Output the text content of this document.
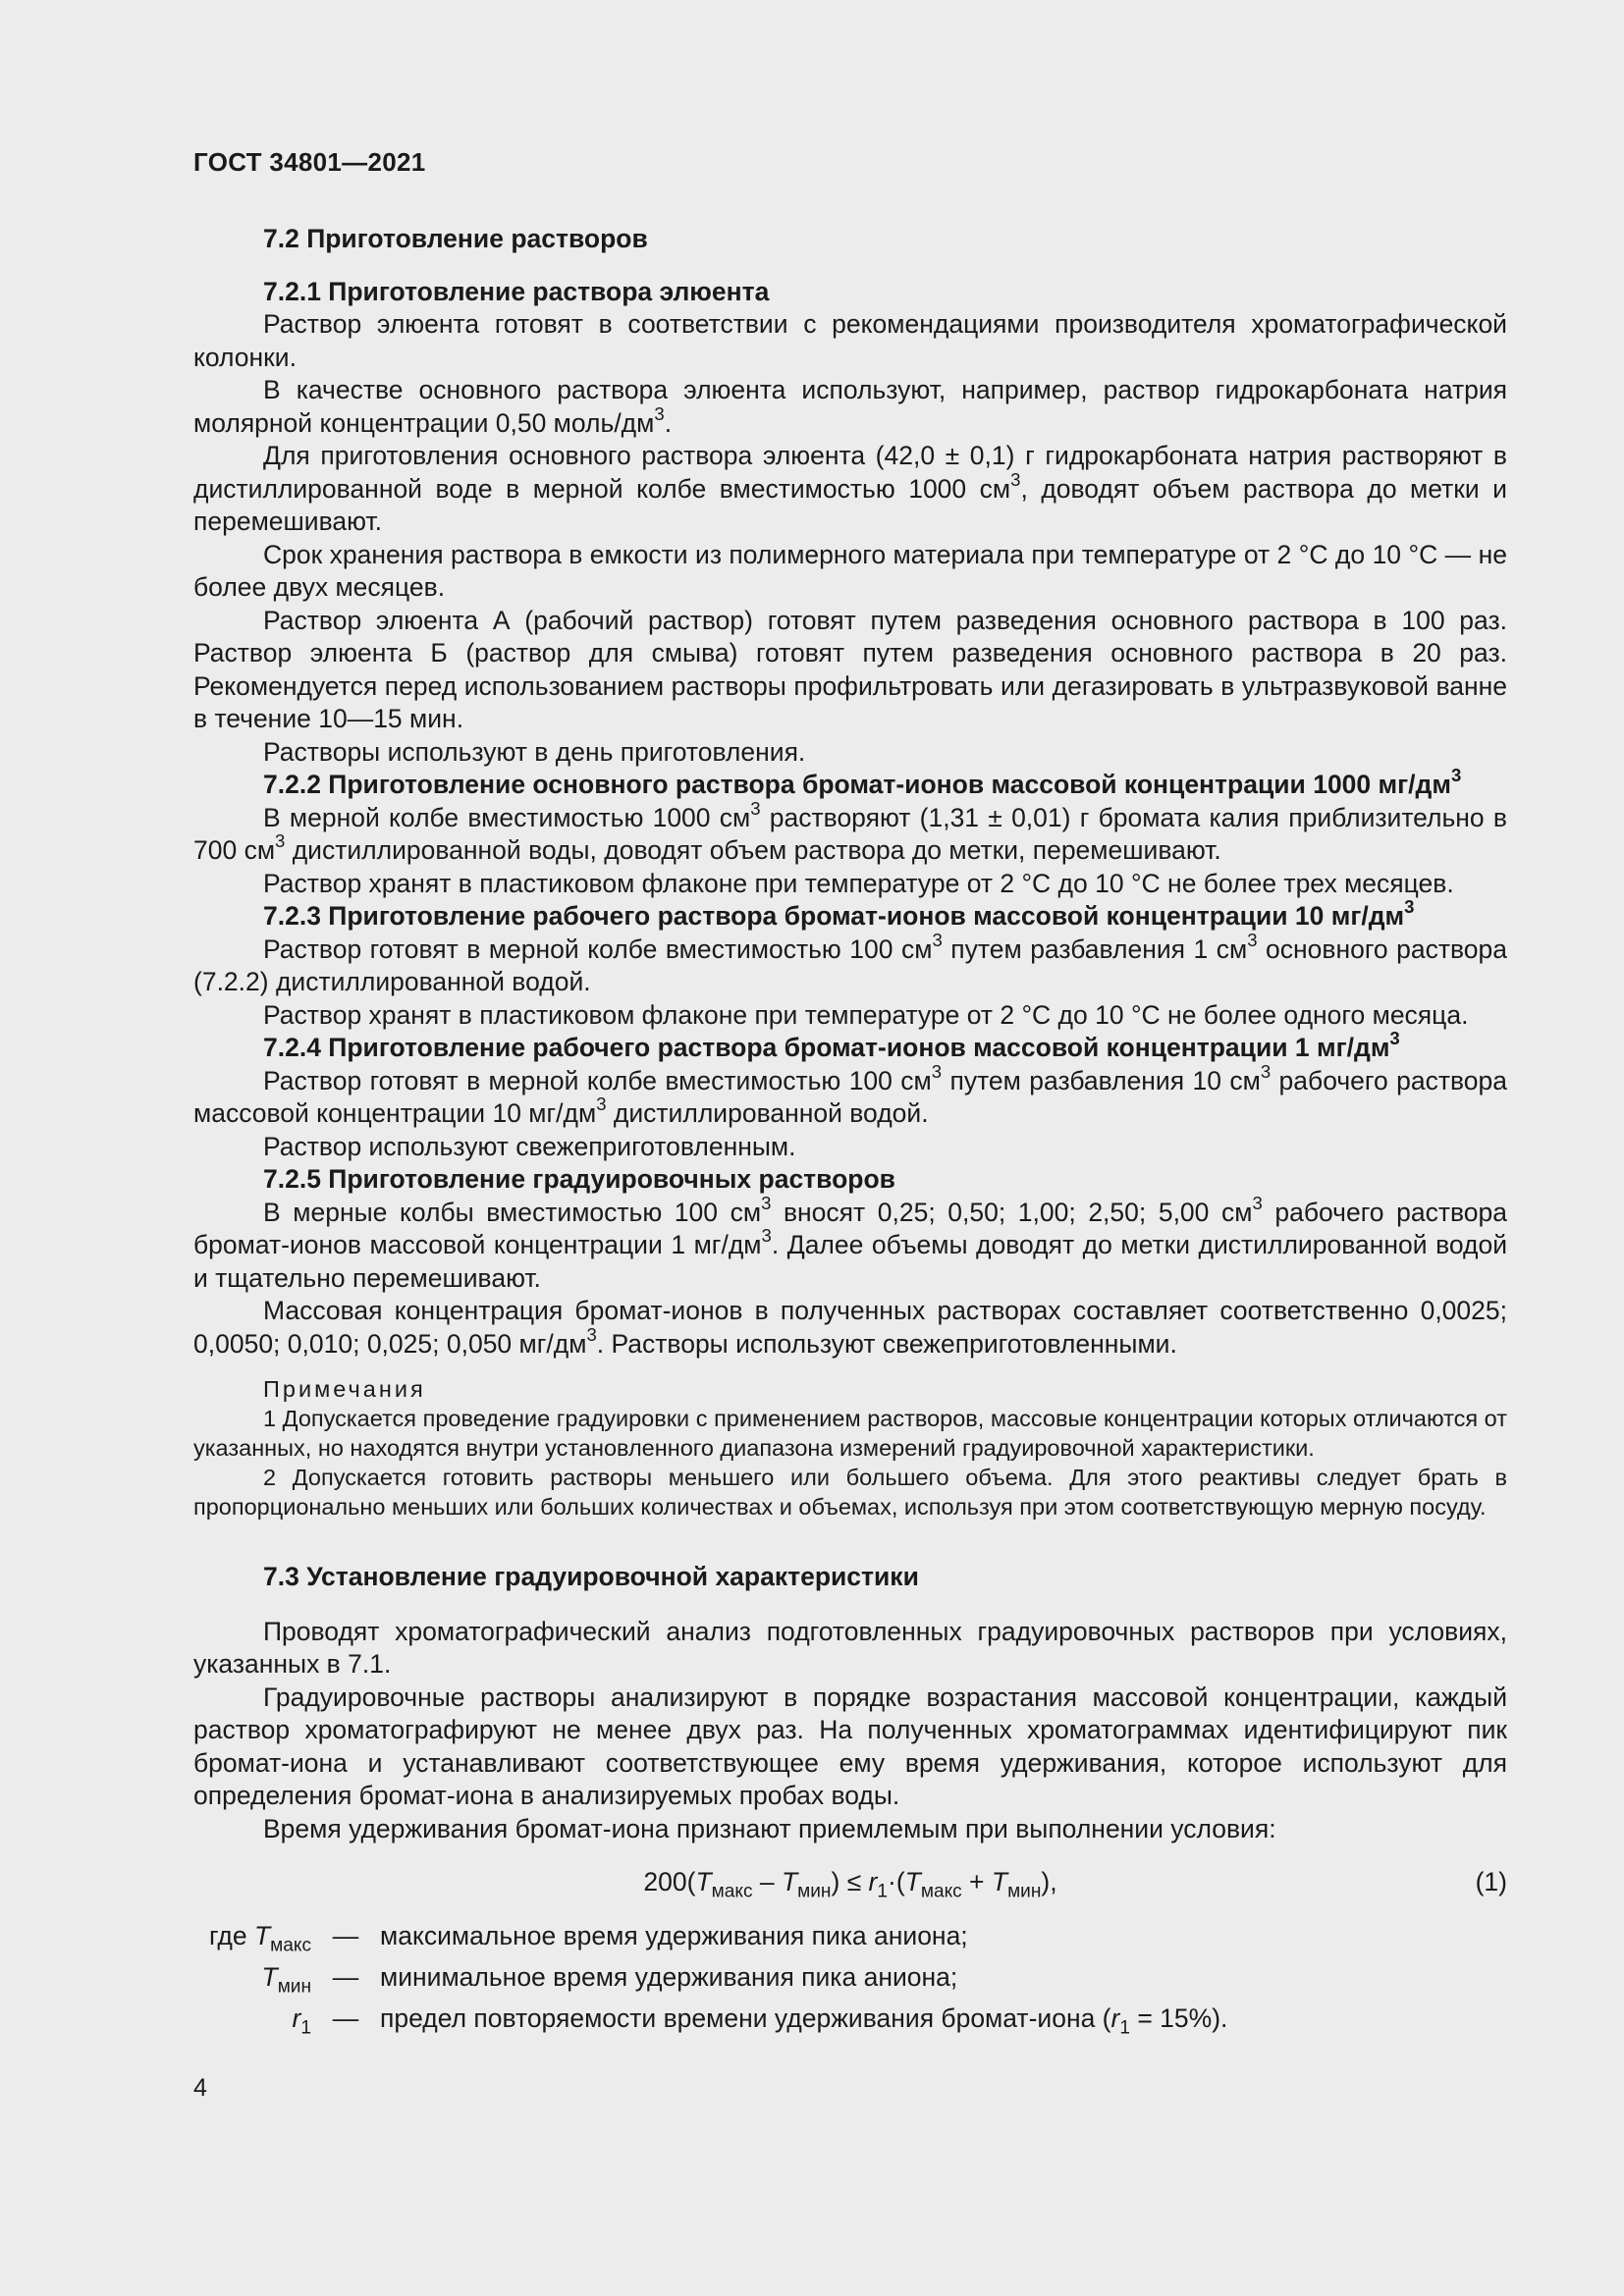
ГОСТ 34801—2021

7.2 Приготовление растворов

7.2.1 Приготовление раствора элюента

Раствор элюента готовят в соответствии с рекомендациями производителя хроматографической колонки.

В качестве основного раствора элюента используют, например, раствор гидрокарбоната натрия молярной концентрации 0,50 моль/$дм^3$.

Для приготовления основного раствора элюента (42,0 ± 0,1) г гидрокарбоната натрия растворяют в дистиллированной воде в мерной колбе вместимостью 1000 $см^3$, доводят объем раствора до метки и перемешивают.

Срок хранения раствора в емкости из полимерного материала при температуре от 2 °С до 10 °С — не более двух месяцев.

Раствор элюента А (рабочий раствор) готовят путем разведения основного раствора в 100 раз. Раствор элюента Б (раствор для смыва) готовят путем разведения основного раствора в 20 раз. Рекомендуется перед использованием растворы профильтровать или дегазировать в ультразвуковой ванне в течение 10—15 мин.

Растворы используют в день приготовления.

7.2.2 Приготовление основного раствора бромат-ионов массовой концентрации 1000 $мг/дм^3$

В мерной колбе вместимостью 1000 $см^3$ растворяют (1,31 ± 0,01) г бромата калия приблизительно в 700 $см^3$ дистиллированной воды, доводят объем раствора до метки, перемешивают.

Раствор хранят в пластиковом флаконе при температуре от 2 °С до 10 °С не более трех месяцев.

7.2.3 Приготовление рабочего раствора бромат-ионов массовой концентрации 10 $мг/дм^3$

Раствор готовят в мерной колбе вместимостью 100 $см^3$ путем разбавления 1 $см^3$ основного раствора (7.2.2) дистиллированной водой.

Раствор хранят в пластиковом флаконе при температуре от 2 °С до 10 °С не более одного месяца.

7.2.4 Приготовление рабочего раствора бромат-ионов массовой концентрации 1 $мг/дм^3$

Раствор готовят в мерной колбе вместимостью 100 $см^3$ путем разбавления 10 $см^3$ рабочего раствора массовой концентрации 10 $мг/дм^3$ дистиллированной водой.

Раствор используют свежеприготовленным.

7.2.5 Приготовление градуировочных растворов

В мерные колбы вместимостью 100 $см^3$ вносят 0,25; 0,50; 1,00; 2,50; 5,00 $см^3$ рабочего раствора бромат-ионов массовой концентрации 1 $мг/дм^3$. Далее объемы доводят до метки дистиллированной водой и тщательно перемешивают.

Массовая концентрация бромат-ионов в полученных растворах составляет соответственно 0,0025; 0,0050; 0,010; 0,025; 0,050 $мг/дм^3$. Растворы используют свежеприготовленными.

Примечания

1 Допускается проведение градуировки с применением растворов, массовые концентрации которых отличаются от указанных, но находятся внутри установленного диапазона измерений градуировочной характеристики.

2 Допускается готовить растворы меньшего или большего объема. Для этого реактивы следует брать в пропорционально меньших или больших количествах и объемах, используя при этом соответствующую мерную посуду.

7.3 Установление градуировочной характеристики

Проводят хроматографический анализ подготовленных градуировочных растворов при условиях, указанных в 7.1.

Градуировочные растворы анализируют в порядке возрастания массовой концентрации, каждый раствор хроматографируют не менее двух раз. На полученных хроматограммах идентифицируют пик бромат-иона и устанавливают соответствующее ему время удерживания, которое используют для определения бромат-иона в анализируемых пробах воды.

Время удерживания бромат-иона признают приемлемым при выполнении условия:

$200(T_{макс} - T_{мин}) \le r_1\cdot(T_{макс} + T_{мин})$,	(1)
где $T_{макс}$ — максимальное время удерживания пика аниона;
$T_{мин}$ — минимальное время удерживания пика аниона;
$r_1$ — предел повторяемости времени удерживания бромат-иона $(r_1 = 15\%)$.
4
